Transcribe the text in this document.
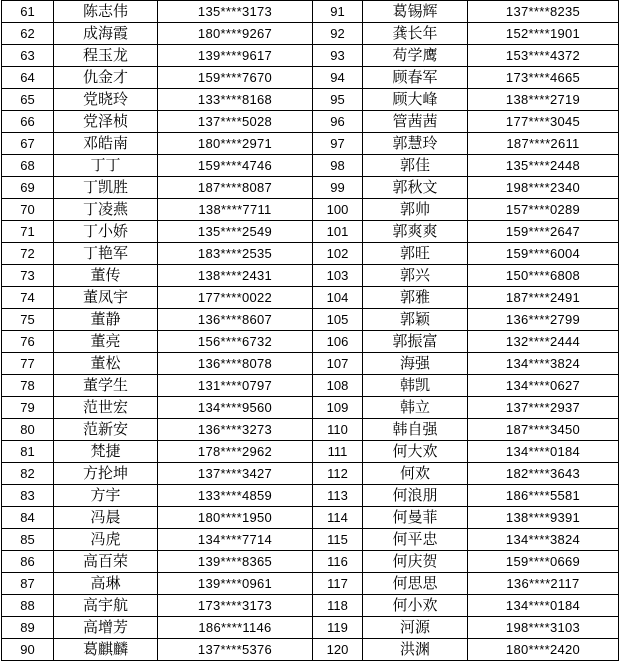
61	陈志伟	135****3173	91	葛锡辉	137****8235
62	成海霞	180****9267	92	龚长年	152****1901
63	程玉龙	139****9617	93	苟学鹰	153****4372
64	仇金才	159****7670	94	顾春军	173****4665
65	党晓玲	133****8168	95	顾大峰	138****2719
66	党泽桢	137****5028	96	管茜茜	177****3045
67	邓皓南	180****2971	97	郭慧玲	187****2611
68	丁丁	159****4746	98	郭佳	135****2448
69	丁凯胜	187****8087	99	郭秋文	198****2340
70	丁凌燕	138****7711	100	郭帅	157****0289
71	丁小娇	135****2549	101	郭爽爽	159****2647
72	丁艳军	183****2535	102	郭旺	159****6004
73	董传	138****2431	103	郭兴	150****6808
74	董凤宇	177****0022	104	郭雅	187****2491
75	董静	136****8607	105	郭颖	136****2799
76	董亮	156****6732	106	郭振富	132****2444
77	董松	136****8078	107	海强	134****3824
78	董学生	131****0797	108	韩凯	134****0627
79	范世宏	134****9560	109	韩立	137****2937
80	范新安	136****3273	110	韩自强	187****3450
81	梵捷	178****2962	111	何大欢	134****0184
82	方抡坤	137****3427	112	何欢	182****3643
83	方宇	133****4859	113	何浪朋	186****5581
84	冯晨	180****1950	114	何曼菲	138****9391
85	冯虎	134****7714	115	何平忠	134****3824
86	高百荣	139****8365	116	何庆贺	159****0669
87	高琳	139****0961	117	何思思	136****2117
88	高宇航	173****3173	118	何小欢	134****0184
89	高增芳	186****1146	119	河源	198****3103
90	葛麒麟	137****5376	120	洪渊	180****2420
